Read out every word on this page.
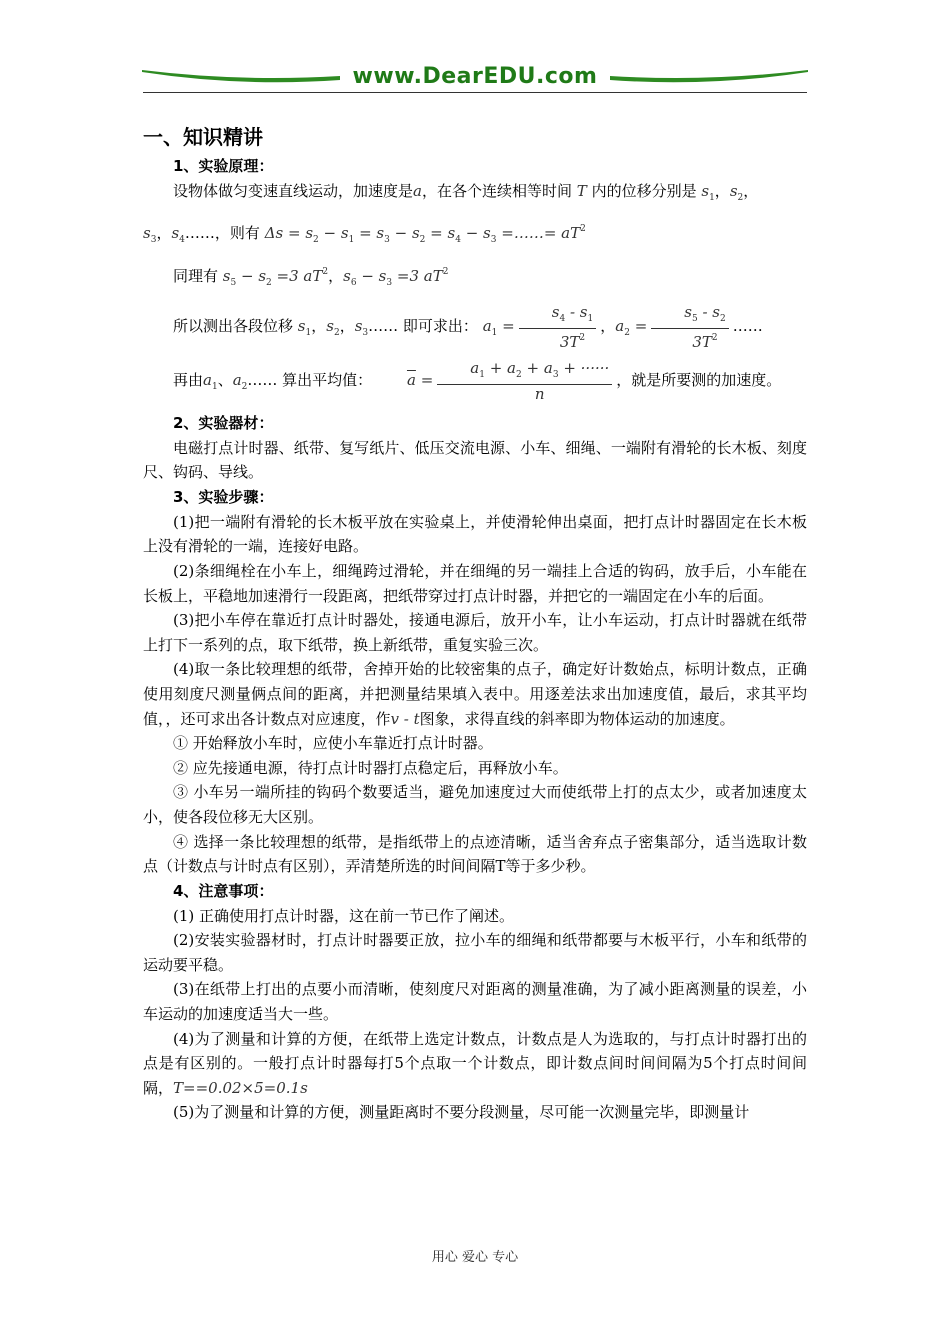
www.DearEDU.com
一、知识精讲
1、实验原理：

设物体做匀变速直线运动，加速度是a，在各个连续相等时间 T 内的位移分别是 $s_1$，$s_2$，

$s_3$，$s_4\dots\dots$，则有 $\Delta s = s_2 - s_1 = s_3 - s_2 = s_4 - s_3$ =……= $aT^2$

同理有 $s_5 - s_2 =3$ $aT^2$，$s_6 - s_3 =3$ $aT^2$

所以测出各段位移 $s_1$，$s_2$，$s_3\dots\dots$ 即可求出： $a_1 = \frac{s_4 - s_1}{3T^2}$ ，$a_2 = \frac{s_5 - s_2}{3T^2}$ ……

再由$a_1$、$a_2\dots\dots$ 算出平均值： $\overline{a} = \frac{a_1 + a_2 + a_3 + \cdot\cdot\cdot\cdot\cdot\cdot}{n}$ ，就是所要测的加速度。

2、实验器材：

电磁打点计时器、纸带、复写纸片、低压交流电源、小车、细绳、一端附有滑轮的长木板、刻度尺、钩码、导线。

3、实验步骤：

(1)把一端附有滑轮的长木板平放在实验桌上，并使滑轮伸出桌面，把打点计时器固定在长木板上没有滑轮的一端，连接好电路。

(2)条细绳栓在小车上，细绳跨过滑轮，并在细绳的另一端挂上合适的钩码，放手后，小车能在长板上，平稳地加速滑行一段距离，把纸带穿过打点计时器，并把它的一端固定在小车的后面。

(3)把小车停在靠近打点计时器处，接通电源后，放开小车，让小车运动，打点计时器就在纸带上打下一系列的点，取下纸带，换上新纸带，重复实验三次。

(4)取一条比较理想的纸带，舍掉开始的比较密集的点子，确定好计数始点，标明计数点，正确使用刻度尺测量俩点间的距离，并把测量结果填入表中。用逐差法求出加速度值，最后，求其平均值，，还可求出各计数点对应速度，作v - t图象，求得直线的斜率即为物体运动的加速度。

① 开始释放小车时，应使小车靠近打点计时器。

② 应先接通电源，待打点计时器打点稳定后，再释放小车。

③ 小车另一端所挂的钩码个数要适当，避免加速度过大而使纸带上打的点太少，或者加速度太小，使各段位移无大区别。

④ 选择一条比较理想的纸带，是指纸带上的点迹清晰，适当舍弃点子密集部分，适当选取计数点（计数点与计时点有区别），弄清楚所选的时间间隔T等于多少秒。

4、注意事项：

(1) 正确使用打点计时器，这在前一节已作了阐述。

(2)安装实验器材时，打点计时器要正放，拉小车的细绳和纸带都要与木板平行，小车和纸带的运动要平稳。

(3)在纸带上打出的点要小而清晰，使刻度尺对距离的测量准确，为了减小距离测量的误差，小车运动的加速度适当大一些。

(4)为了测量和计算的方便，在纸带上选定计数点，计数点是人为选取的，与打点计时器打出的点是有区别的。一般打点计时器每打5个点取一个计数点，即计数点间时间间隔为5个打点时间间隔，T==0.02×5=0.1s

(5)为了测量和计算的方便，测量距离时不要分段测量，尽可能一次测量完毕，即测量计

用心 爱心 专心
